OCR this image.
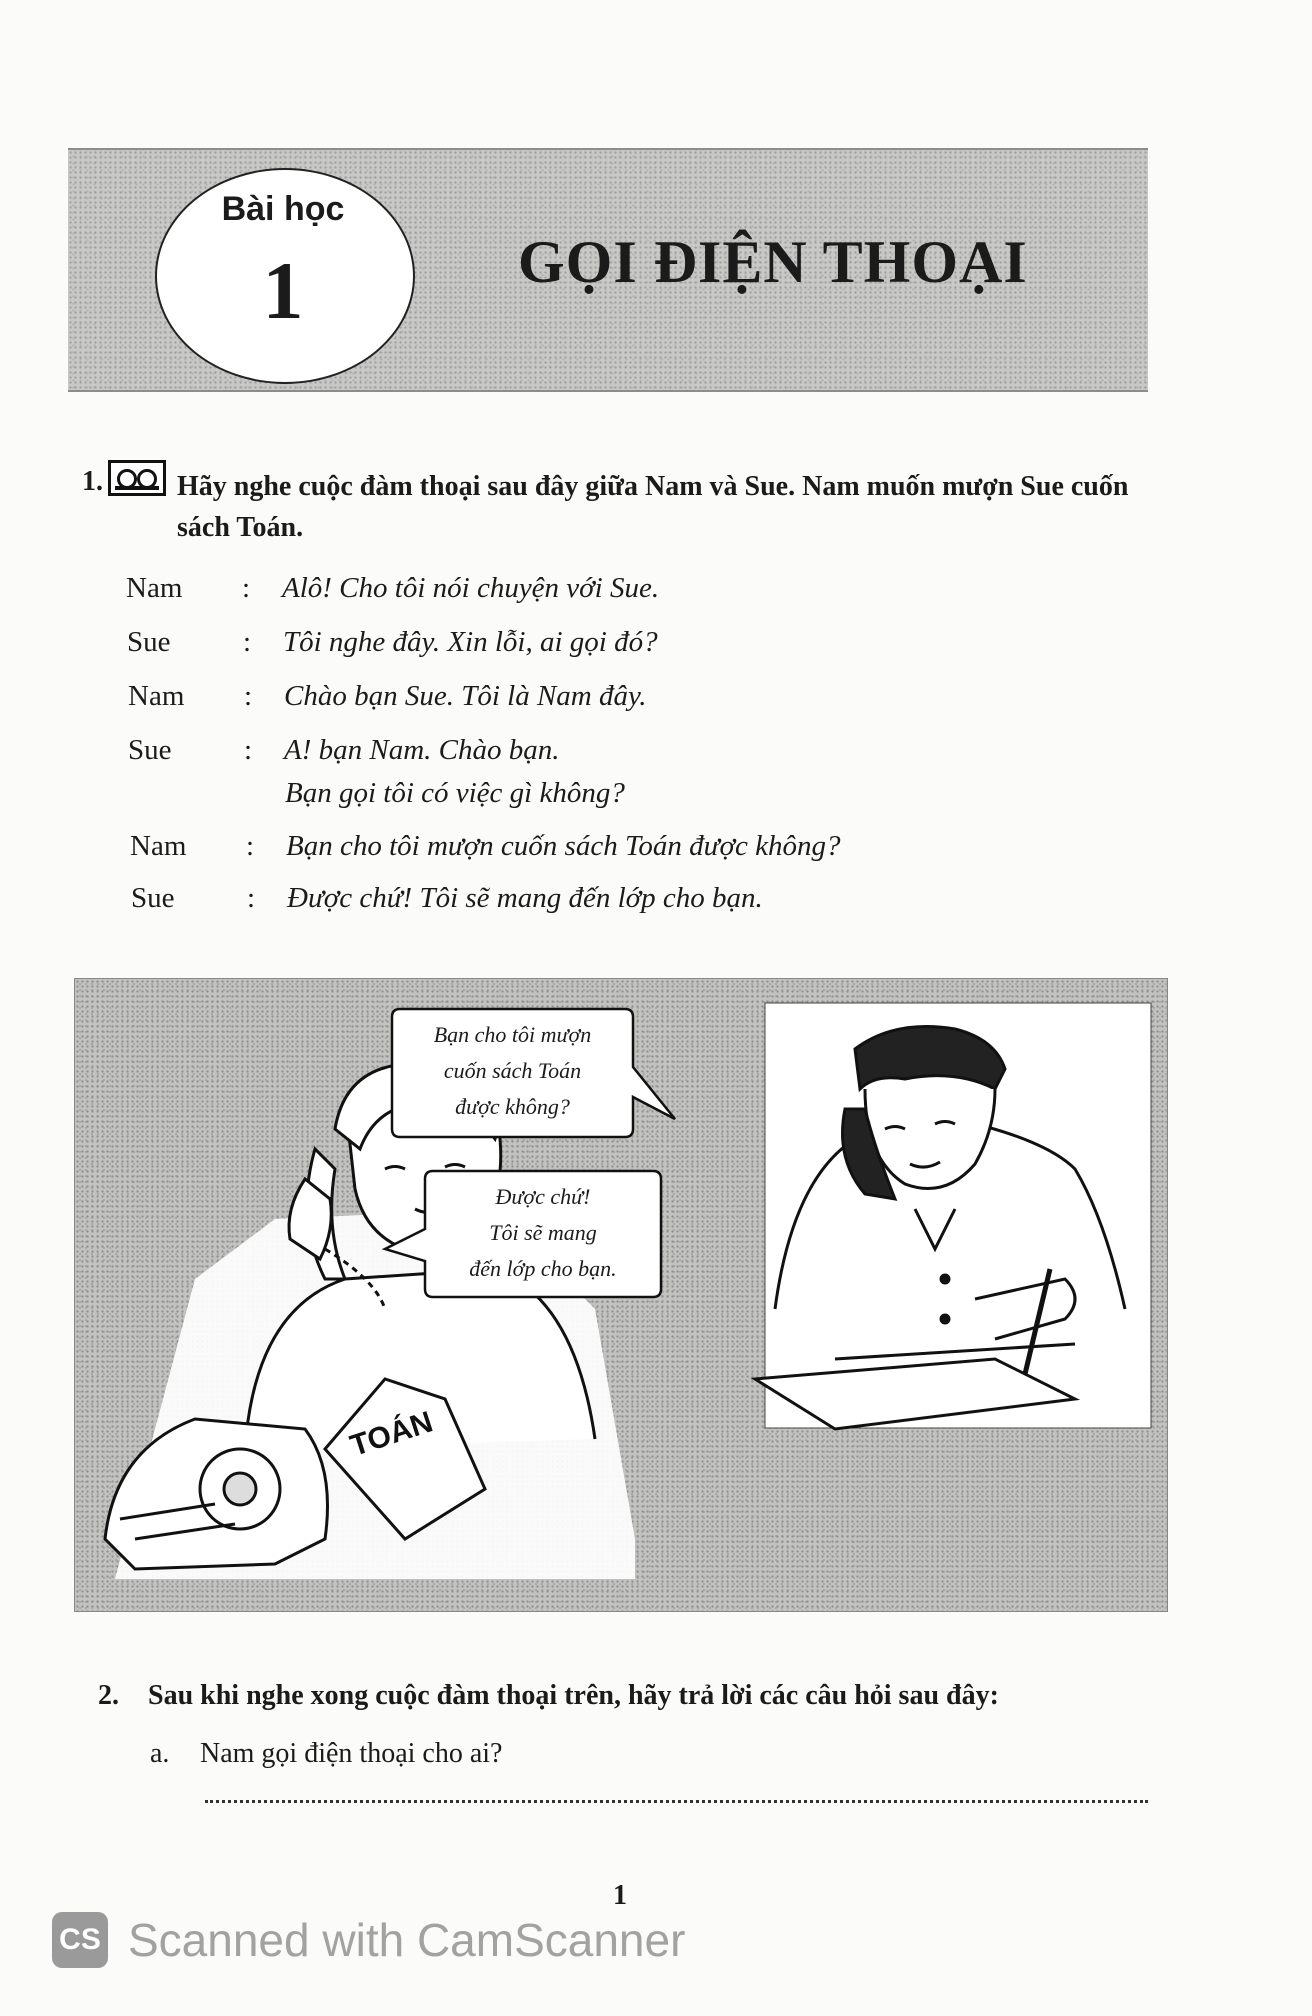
Bài học
1	GỌI ĐIỆN THOẠI
1.	Hãy nghe cuộc đàm thoại sau đây giữa Nam và Sue. Nam muốn mượn Sue cuốn sách Toán.
Nam : Alô! Cho tôi nói chuyện với Sue.
Sue	: Tôi nghe đây. Xin lỗi, ai gọi đó?
Nam : Chào bạn Sue. Tôi là Nam đây.
Sue	: A! bạn Nam. Chào bạn.
Bạn gọi tôi có việc gì không?
Nam : Bạn cho tôi mượn cuốn sách Toán được không?
Sue	: Được chứ! Tôi sẽ mang đến lớp cho bạn.
TOÁN
Bạn cho tôi mượn
cuốn sách Toán
được không?
Được chứ!
Tôi sẽ mang
đến lớp cho bạn.
2. Sau khi nghe xong cuộc đàm thoại trên, hãy trả lời các câu hỏi sau đây:
a. Nam gọi điện thoại cho ai?
1
CS Scanned with CamScanner
